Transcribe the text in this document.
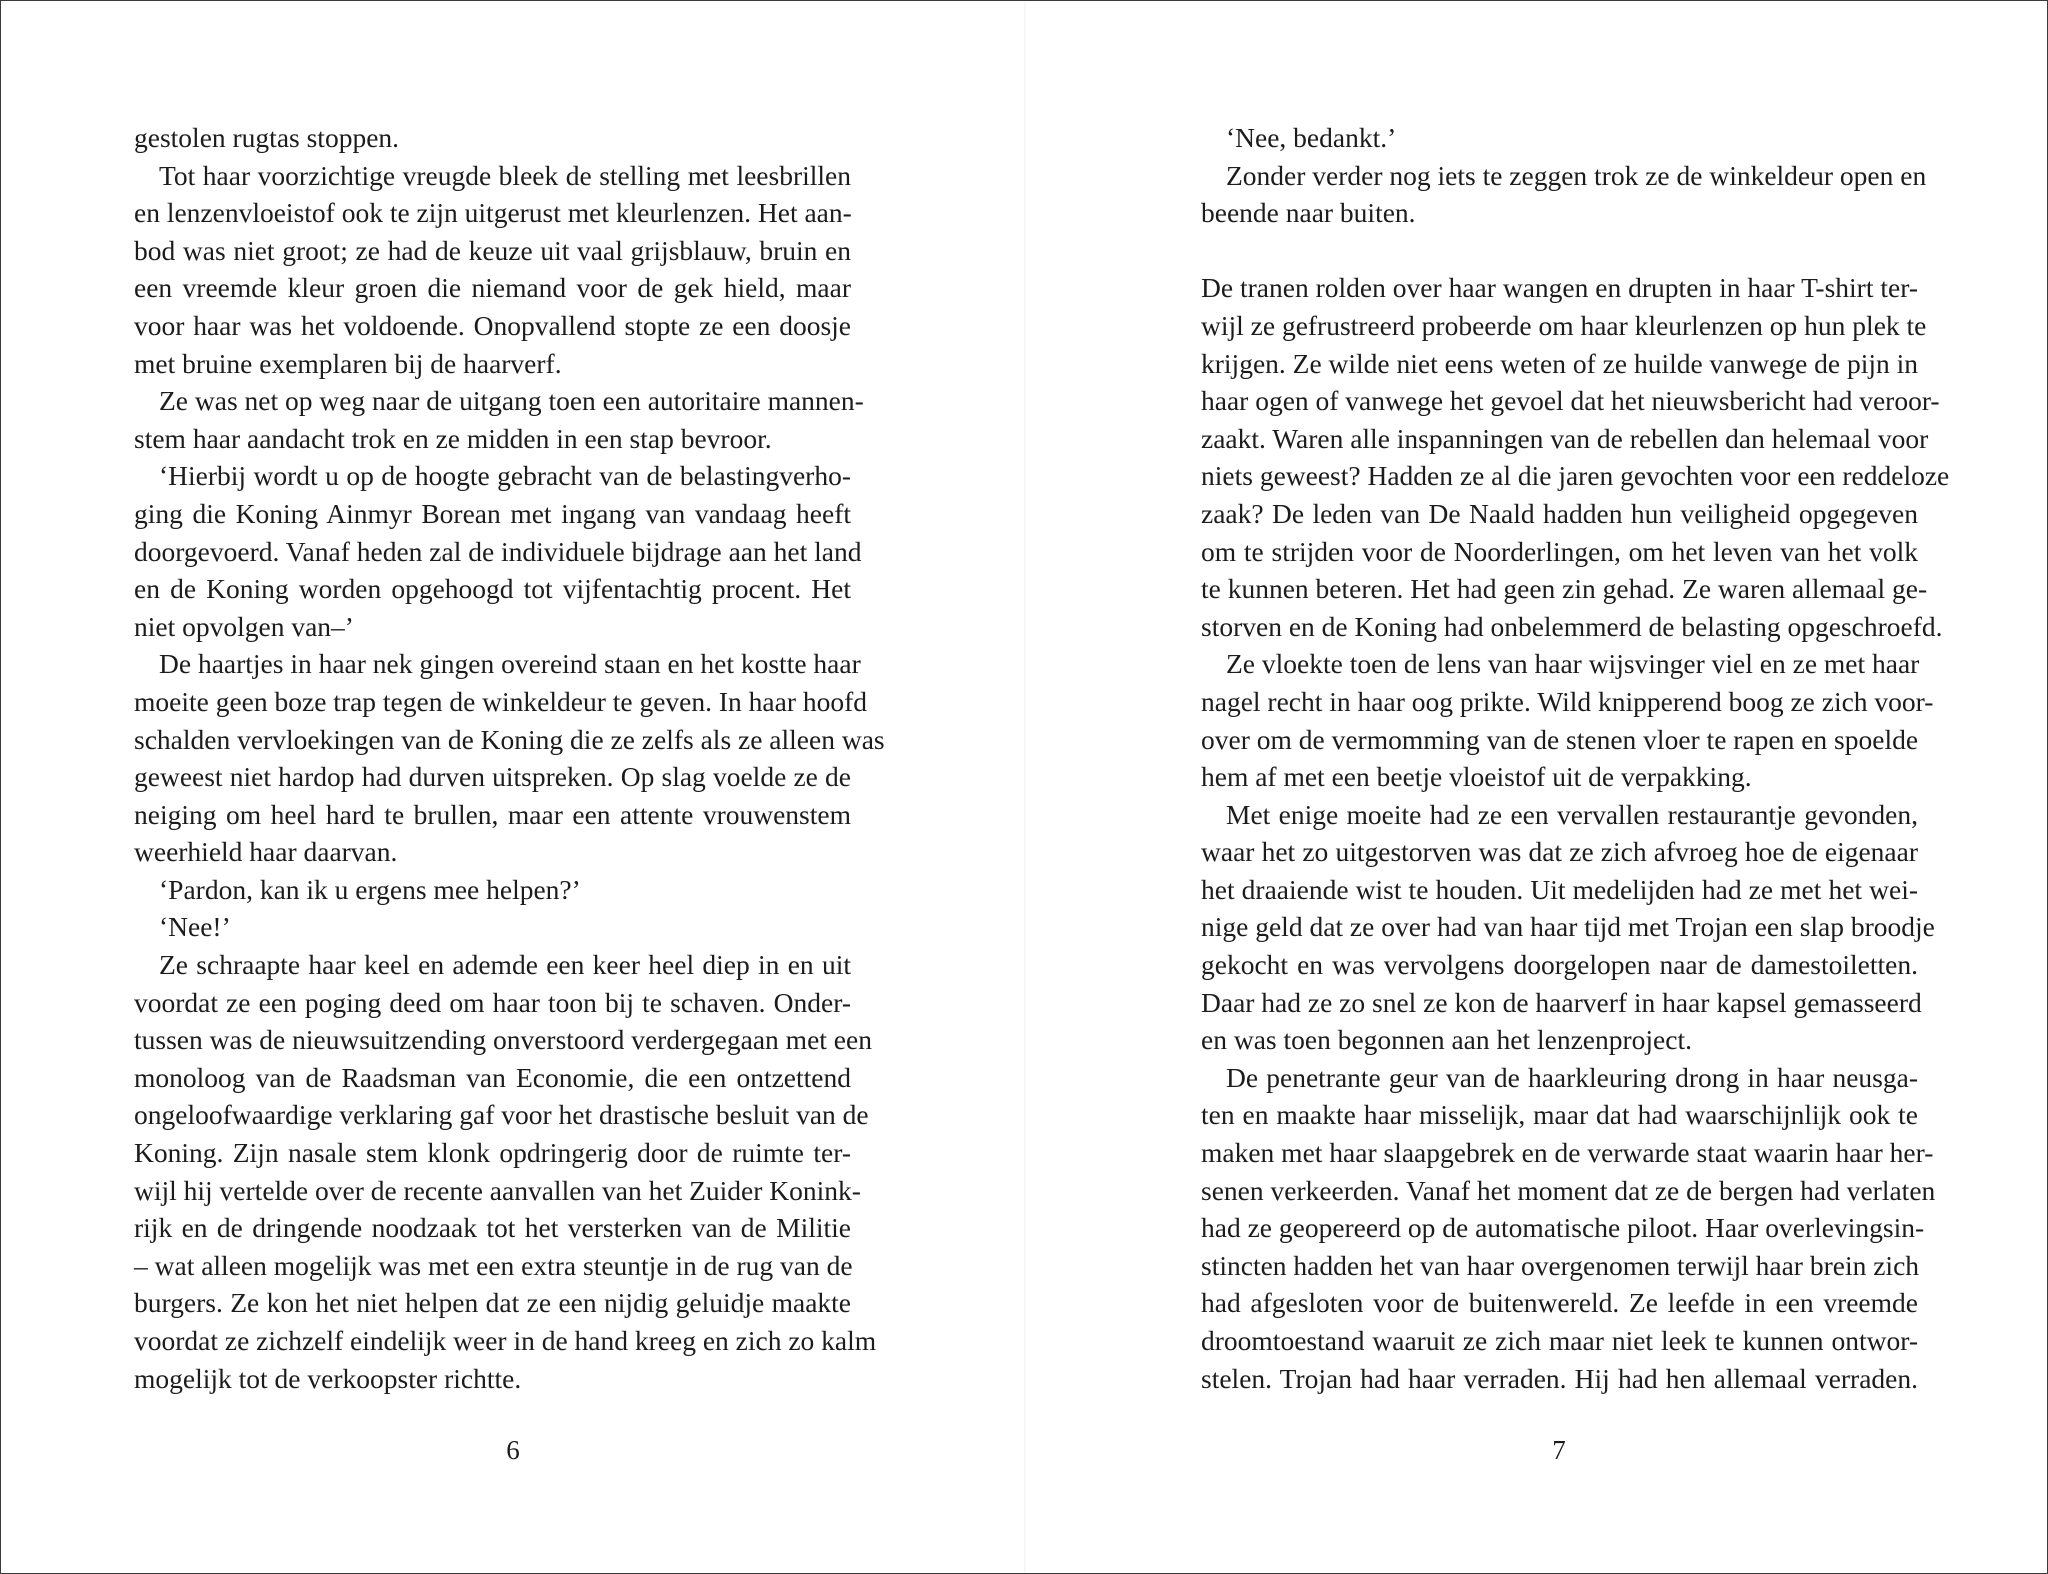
gestolen rugtas stoppen.
Tot haar voorzichtige vreugde bleek de stelling met leesbrillen
en lenzenvloeistof ook te zijn uitgerust met kleurlenzen. Het aan-
bod was niet groot; ze had de keuze uit vaal grijsblauw, bruin en
een vreemde kleur groen die niemand voor de gek hield, maar
voor haar was het voldoende. Onopvallend stopte ze een doosje
met bruine exemplaren bij de haarverf.
Ze was net op weg naar de uitgang toen een autoritaire mannen-
stem haar aandacht trok en ze midden in een stap bevroor.
‘Hierbij wordt u op de hoogte gebracht van de belastingverho-
ging die Koning Ainmyr Borean met ingang van vandaag heeft
doorgevoerd. Vanaf heden zal de individuele bijdrage aan het land
en de Koning worden opgehoogd tot vijfentachtig procent. Het
niet opvolgen van–’
De haartjes in haar nek gingen overeind staan en het kostte haar
moeite geen boze trap tegen de winkeldeur te geven. In haar hoofd
schalden vervloekingen van de Koning die ze zelfs als ze alleen was
geweest niet hardop had durven uitspreken. Op slag voelde ze de
neiging om heel hard te brullen, maar een attente vrouwenstem
weerhield haar daarvan.
‘Pardon, kan ik u ergens mee helpen?’
‘Nee!’
Ze schraapte haar keel en ademde een keer heel diep in en uit
voordat ze een poging deed om haar toon bij te schaven. Onder-
tussen was de nieuwsuitzending onverstoord verdergegaan met een
monoloog van de Raadsman van Economie, die een ontzettend
ongeloofwaardige verklaring gaf voor het drastische besluit van de
Koning. Zijn nasale stem klonk opdringerig door de ruimte ter-
wijl hij vertelde over de recente aanvallen van het Zuider Konink-
rijk en de dringende noodzaak tot het versterken van de Militie
– wat alleen mogelijk was met een extra steuntje in de rug van de
burgers. Ze kon het niet helpen dat ze een nijdig geluidje maakte
voordat ze zichzelf eindelijk weer in de hand kreeg en zich zo kalm
mogelijk tot de verkoopster richtte.
6
‘Nee, bedankt.’
Zonder verder nog iets te zeggen trok ze de winkeldeur open en
beende naar buiten.
De tranen rolden over haar wangen en drupten in haar T-shirt ter-
wijl ze gefrustreerd probeerde om haar kleurlenzen op hun plek te
krijgen. Ze wilde niet eens weten of ze huilde vanwege de pijn in
haar ogen of vanwege het gevoel dat het nieuwsbericht had veroor-
zaakt. Waren alle inspanningen van de rebellen dan helemaal voor
niets geweest? Hadden ze al die jaren gevochten voor een reddeloze
zaak? De leden van De Naald hadden hun veiligheid opgegeven
om te strijden voor de Noorderlingen, om het leven van het volk
te kunnen beteren. Het had geen zin gehad. Ze waren allemaal ge-
storven en de Koning had onbelemmerd de belasting opgeschroefd.
Ze vloekte toen de lens van haar wijsvinger viel en ze met haar
nagel recht in haar oog prikte. Wild knipperend boog ze zich voor-
over om de vermomming van de stenen vloer te rapen en spoelde
hem af met een beetje vloeistof uit de verpakking.
Met enige moeite had ze een vervallen restaurantje gevonden,
waar het zo uitgestorven was dat ze zich afvroeg hoe de eigenaar
het draaiende wist te houden. Uit medelijden had ze met het wei-
nige geld dat ze over had van haar tijd met Trojan een slap broodje
gekocht en was vervolgens doorgelopen naar de damestoiletten.
Daar had ze zo snel ze kon de haarverf in haar kapsel gemasseerd
en was toen begonnen aan het lenzenproject.
De penetrante geur van de haarkleuring drong in haar neusga-
ten en maakte haar misselijk, maar dat had waarschijnlijk ook te
maken met haar slaapgebrek en de verwarde staat waarin haar her-
senen verkeerden. Vanaf het moment dat ze de bergen had verlaten
had ze geopereerd op de automatische piloot. Haar overlevingsin-
stincten hadden het van haar overgenomen terwijl haar brein zich
had afgesloten voor de buitenwereld. Ze leefde in een vreemde
droomtoestand waaruit ze zich maar niet leek te kunnen ontwor-
stelen. Trojan had haar verraden. Hij had hen allemaal verraden.
7
